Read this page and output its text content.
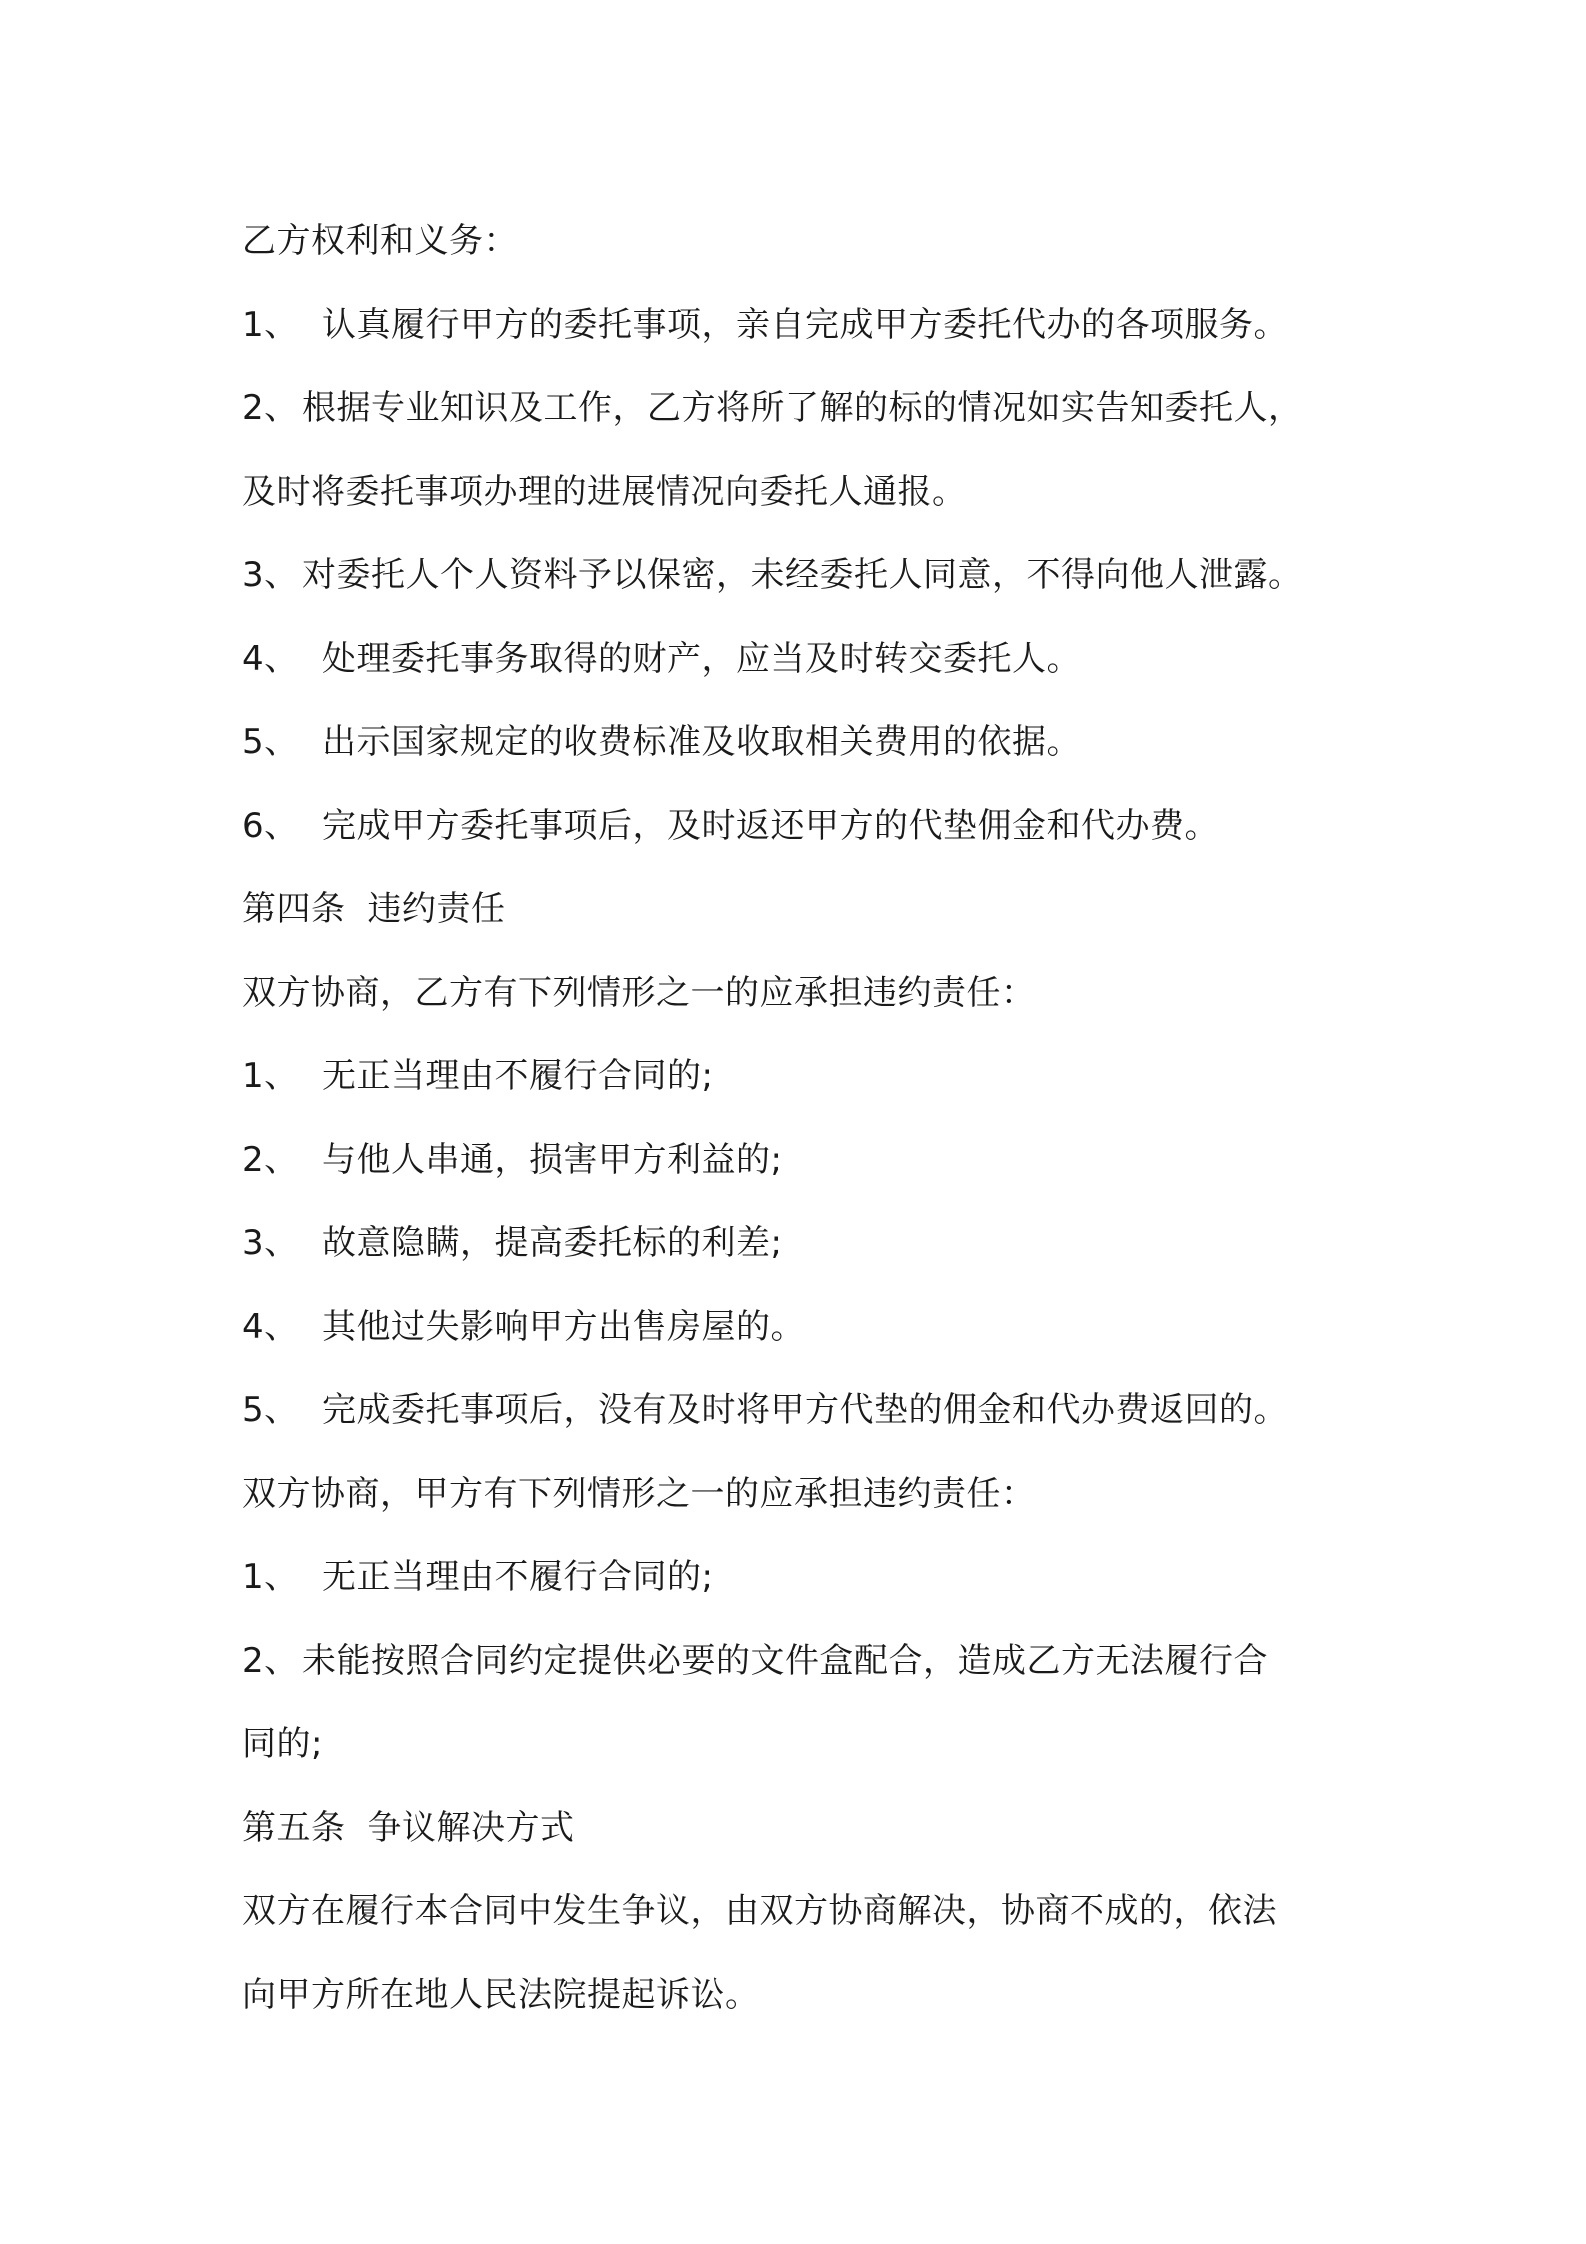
乙方权利和义务：
1、 认真履行甲方的委托事项，亲自完成甲方委托代办的各项服务。
2、根据专业知识及工作，乙方将所了解的标的情况如实告知委托人，
及时将委托事项办理的进展情况向委托人通报。
3、对委托人个人资料予以保密，未经委托人同意，不得向他人泄露。
4、 处理委托事务取得的财产，应当及时转交委托人。
5、 出示国家规定的收费标准及收取相关费用的依据。
6、 完成甲方委托事项后，及时返还甲方的代垫佣金和代办费。
第四条 违约责任
双方协商，乙方有下列情形之一的应承担违约责任：
1、 无正当理由不履行合同的;
2、 与他人串通，损害甲方利益的;
3、 故意隐瞒，提高委托标的利差;
4、 其他过失影响甲方出售房屋的。
5、 完成委托事项后，没有及时将甲方代垫的佣金和代办费返回的。
双方协商，甲方有下列情形之一的应承担违约责任：
1、 无正当理由不履行合同的;
2、未能按照合同约定提供必要的文件盒配合，造成乙方无法履行合
同的;
第五条 争议解决方式
双方在履行本合同中发生争议，由双方协商解决，协商不成的，依法
向甲方所在地人民法院提起诉讼。
